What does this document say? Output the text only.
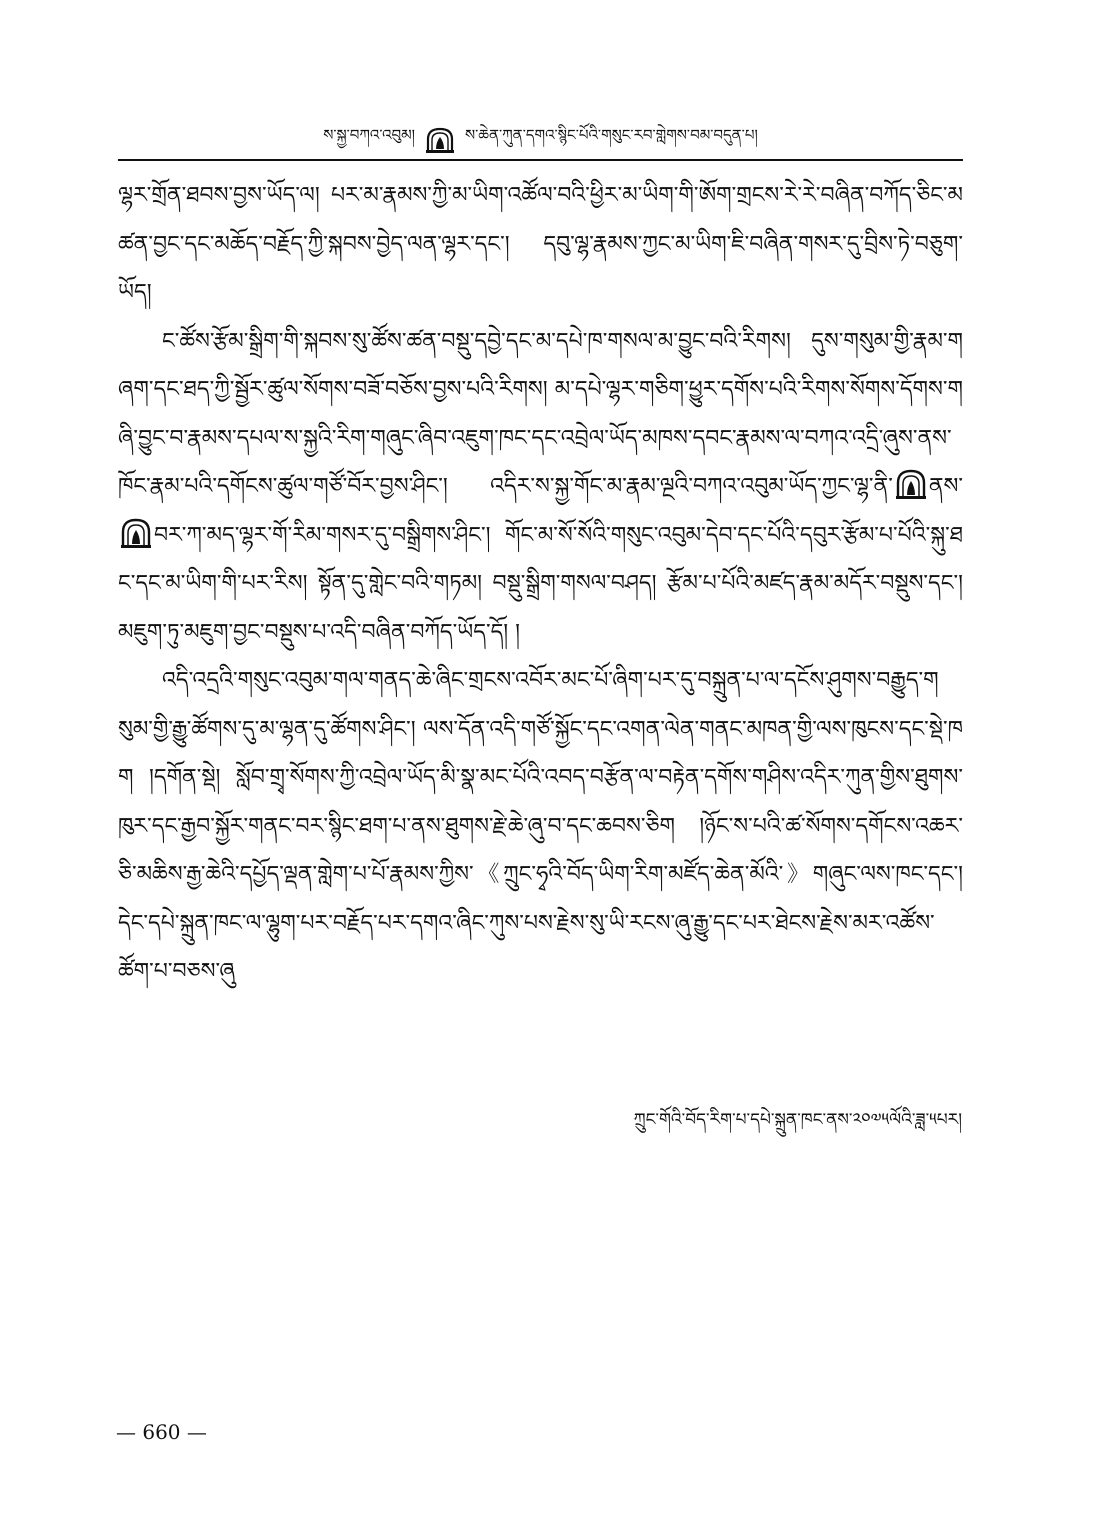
ས་སྐྱ་བཀའ་འབུམ།	ས་ཆེན་ཀུན་དགའ་སྙིང་པོའི་གསུང་རབ་གླེགས་བམ་བདུན་པ།

ལྷར་གྲོན་ཐབས་བྱས་ཡོད་ལ། པར་མ་རྣམས་ཀྱི་མ་ཡིག་འཚོལ་བའི་ཕྱིར་མ་ཡིག་གི་ཨོག་གྲངས་རེ་རེ་བཞིན་བཀོད་ཅིང་མཚན་བྱང་དང་མཆོད་བརྗོད་ཀྱི་སྐབས་བྱེད་ལན་ལྷར་དང་། དབུ་ལྷ་རྣམས་ཀྱང་མ་ཡིག་ཇི་བཞིན་གསར་དུ་བྲིས་ཏེ་བཅུག་ཡོད།

ང་ཚོས་རྩོམ་སྒྲིག་གི་སྐབས་སུ་ཚོས་ཚན་བསྡུ་དབྱེ་དང་མ་དཔེ་ཁ་གསལ་མ་བྱུང་བའི་རིགས། དུས་གསུམ་གྱི་རྣམ་གཞག་དང་ཐད་ཀྱི་སྦྱོར་ཚུལ་སོགས་བཟོ་བཅོས་བྱས་པའི་རིགས། མ་དཔེ་ལྷར་གཅིག་ཕྱུར་དགོས་པའི་རིགས་སོགས་དོགས་གཞི་བྱུང་བ་རྣམས་དཔལ་ས་སྐྱའི་རིག་གཞུང་ཞིབ་འཇུག་ཁང་དང་འབྲེལ་ཡོད་མཁས་དབང་རྣམས་ལ་བཀའ་འདྲི་ཞུས་ནས་ཁོང་རྣམ་པའི་དགོངས་ཚུལ་གཙོ་བོར་བྱས་ཤིང་། འདིར་ས་སྐྱ་གོང་མ་རྣམ་ལྔའི་བཀའ་འབུམ་ཡོད་ཀྱང་ལྷ་ནི་ ནས་བར་ཀ་མད་ལྷར་གོ་རིམ་གསར་དུ་བསྒྲིགས་ཤིང་། གོང་མ་སོ་སོའི་གསུང་འབུམ་དེབ་དང་པོའི་དབུར་རྩོམ་པ་པོའི་སྐུ་ཐང་དང་མ་ཡིག་གི་པར་རིས། སྟོན་དུ་གླེང་བའི་གཏམ། བསྡུ་སྒྲིག་གསལ་བཤད། རྩོམ་པ་པོའི་མཛད་རྣམ་མདོར་བསྡུས་དང་། མཇུག་ཏུ་མཇུག་བྱང་བསྡུས་པ་འདི་བཞིན་བཀོད་ཡོད་དོ། །

འདི་འདྲའི་གསུང་འབུམ་གལ་གནད་ཆེ་ཞིང་གྲངས་འབོར་མང་པོ་ཞིག་པར་དུ་བསྐྲུན་པ་ལ་དངོས་ཤུགས་བརྒྱུད་གསུམ་གྱི་རྒྱུ་ཚོགས་དུ་མ་ལྷན་དུ་ཚོགས་ཤིང་། ལས་དོན་འདི་གཙོ་སྐྱོང་དང་འགན་ལེན་གནང་མཁན་གྱི་ལས་ཁུངས་དང་སྡེ་ཁག །དགོན་སྡེ། སློབ་གྲྭ་སོགས་ཀྱི་འབྲེལ་ཡོད་མི་སྣ་མང་པོའི་འབད་བརྩོན་ལ་བརྟེན་དགོས་གཤིས་འདིར་ཀུན་གྱིས་ཐུགས་ཁུར་དང་རྒྱབ་སྐྱོར་གནང་བར་སྙིང་ཐག་པ་ནས་ཐུགས་རྗེ་ཆེ་ཞུ་བ་དང་ཆབས་ཅིག །ཉོང་ས་པའི་ཚ་སོགས་དགོངས་འཆར་ཅི་མཆིས་རྒྱ་ཆེའི་དཔྱོད་ལྡན་གླེག་པ་པོ་རྣམས་ཀྱིས་《ཀྲུང་ཧྭའི་བོད་ཡིག་རིག་མཛོད་ཆེན་མོའི་》གཞུང་ལས་ཁང་དང་། དེང་དཔེ་སྐྲུན་ཁང་ལ་ལྷུག་པར་བརྗོད་པར་དགའ་ཞིང་ཀུས་པས་རྗེས་སུ་ཡི་རངས་ཞུ་རྒྱུ་དང་པར་ཐེངས་རྗེས་མར་འཚོས་ཚོག་པ་བཅས་ཞུ

ཀྲུང་གོའི་བོད་རིག་པ་དཔེ་སྐྲུན་ཁང་ནས་༢༠༧༥ལོའི་ཟླ་༥པར།
— 660 —
